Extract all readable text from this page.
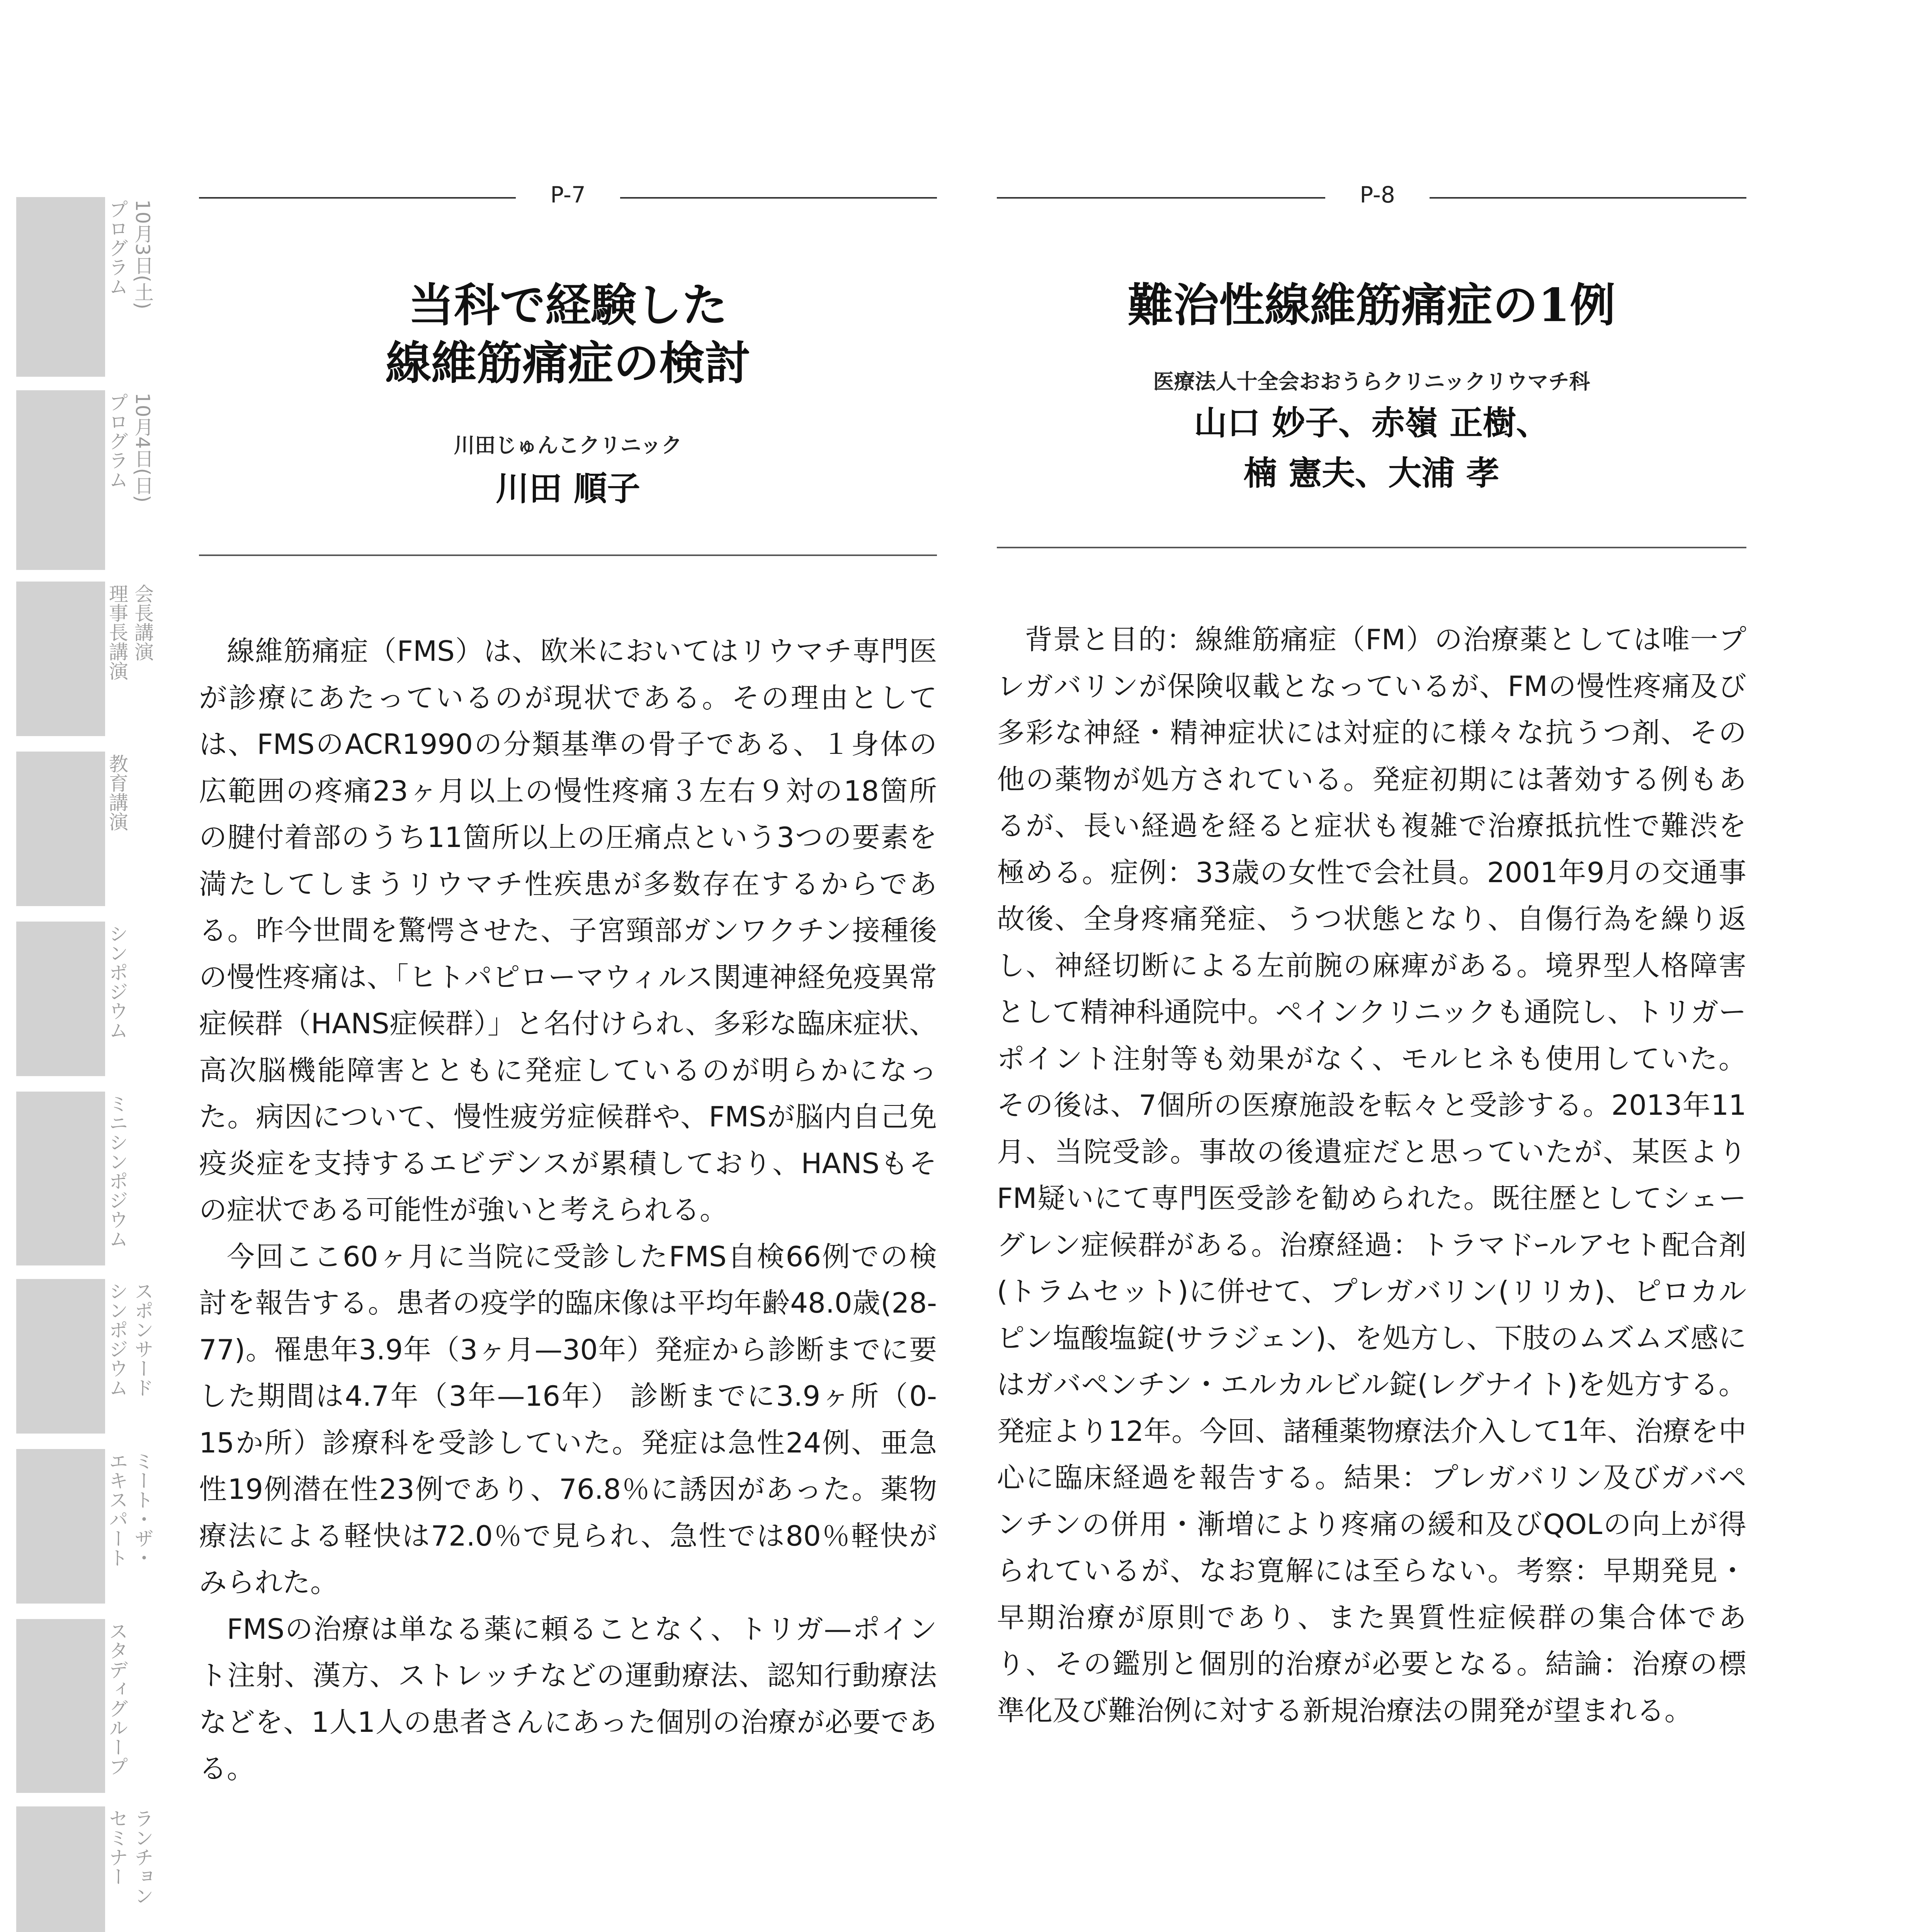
10月3日(土)
プログラム
10月4日(日)
プログラム
会長講演
理事長講演
教育講演
シンポジウム
ミニシンポジウム
スポンサード
シンポジウム
ミート・ザ・
エキスパート
スタディグループ
ランチョン
セミナー
P-7
当科で経験した
線維筋痛症の検討
川田じゅんこクリニック
川田 順子

線維筋痛症（FMS）は、欧米においてはリウマチ専門医が診療にあたっているのが現状である。その理由としては、FMSのACR1990の分類基準の骨子である、１身体の広範囲の疼痛23ヶ月以上の慢性疼痛３左右９対の18箇所の腱付着部のうち11箇所以上の圧痛点という3つの要素を満たしてしまうリウマチ性疾患が多数存在するからである。昨今世間を驚愕させた、子宮頸部ガンワクチン接種後の慢性疼痛は、「ヒトパピローマウィルス関連神経免疫異常症候群（HANS症候群）」と名付けられ、多彩な臨床症状、高次脳機能障害とともに発症しているのが明らかになった。病因について、慢性疲労症候群や、FMSが脳内自己免疫炎症を支持するエビデンスが累積しており、HANSもその症状である可能性が強いと考えられる。

今回ここ60ヶ月に当院に受診したFMS自検66例での検討を報告する。患者の疫学的臨床像は平均年齢48.0歳(28-77)。罹患年3.9年（3ヶ月—30年）発症から診断までに要した期間は4.7年（3年—16年） 診断までに3.9ヶ所（0-15か所）診療科を受診していた。発症は急性24例、亜急性19例潜在性23例であり、76.8％に誘因があった。薬物療法による軽快は72.0％で見られ、急性では80％軽快がみられた。

FMSの治療は単なる薬に頼ることなく、トリガ—ポイント注射、漢方、ストレッチなどの運動療法、認知行動療法などを、1人1人の患者さんにあった個別の治療が必要である。

P-8
難治性線維筋痛症の1例
医療法人十全会おおうらクリニックリウマチ科
山口 妙子、赤嶺 正樹、
楠 憲夫、大浦 孝

背景と目的：線維筋痛症（FM）の治療薬としては唯一プレガバリンが保険収載となっているが、FMの慢性疼痛及び多彩な神経・精神症状には対症的に様々な抗うつ剤、その他の薬物が処方されている。発症初期には著効する例もあるが、長い経過を経ると症状も複雑で治療抵抗性で難渋を極める。症例：33歳の女性で会社員。2001年9月の交通事故後、全身疼痛発症、うつ状態となり、自傷行為を繰り返し、神経切断による左前腕の麻痺がある。境界型人格障害として精神科通院中。ペインクリニックも通院し、トリガーポイント注射等も効果がなく、モルヒネも使用していた。その後は、7個所の医療施設を転々と受診する。2013年11月、当院受診。事故の後遺症だと思っていたが、某医よりFM疑いにて専門医受診を勧められた。既往歴としてシェーグレン症候群がある。治療経過：トラマドｰルアセト配合剤(トラムセット)に併せて、プレガバリン(リリカ)、ピロカルピン塩酸塩錠(サラジェン)、を処方し、下肢のムズムズ感にはガバペンチン・エルカルビル錠(レグナイト)を処方する。発症より12年。今回、諸種薬物療法介入して1年、治療を中心に臨床経過を報告する。結果：プレガバリン及びガバペンチンの併用・漸増により疼痛の緩和及びQOLの向上が得られているが、なお寛解には至らない。考察：早期発見・早期治療が原則であり、また異質性症候群の集合体であり、その鑑別と個別的治療が必要となる。結論：治療の標準化及び難治例に対する新規治療法の開発が望まれる。
